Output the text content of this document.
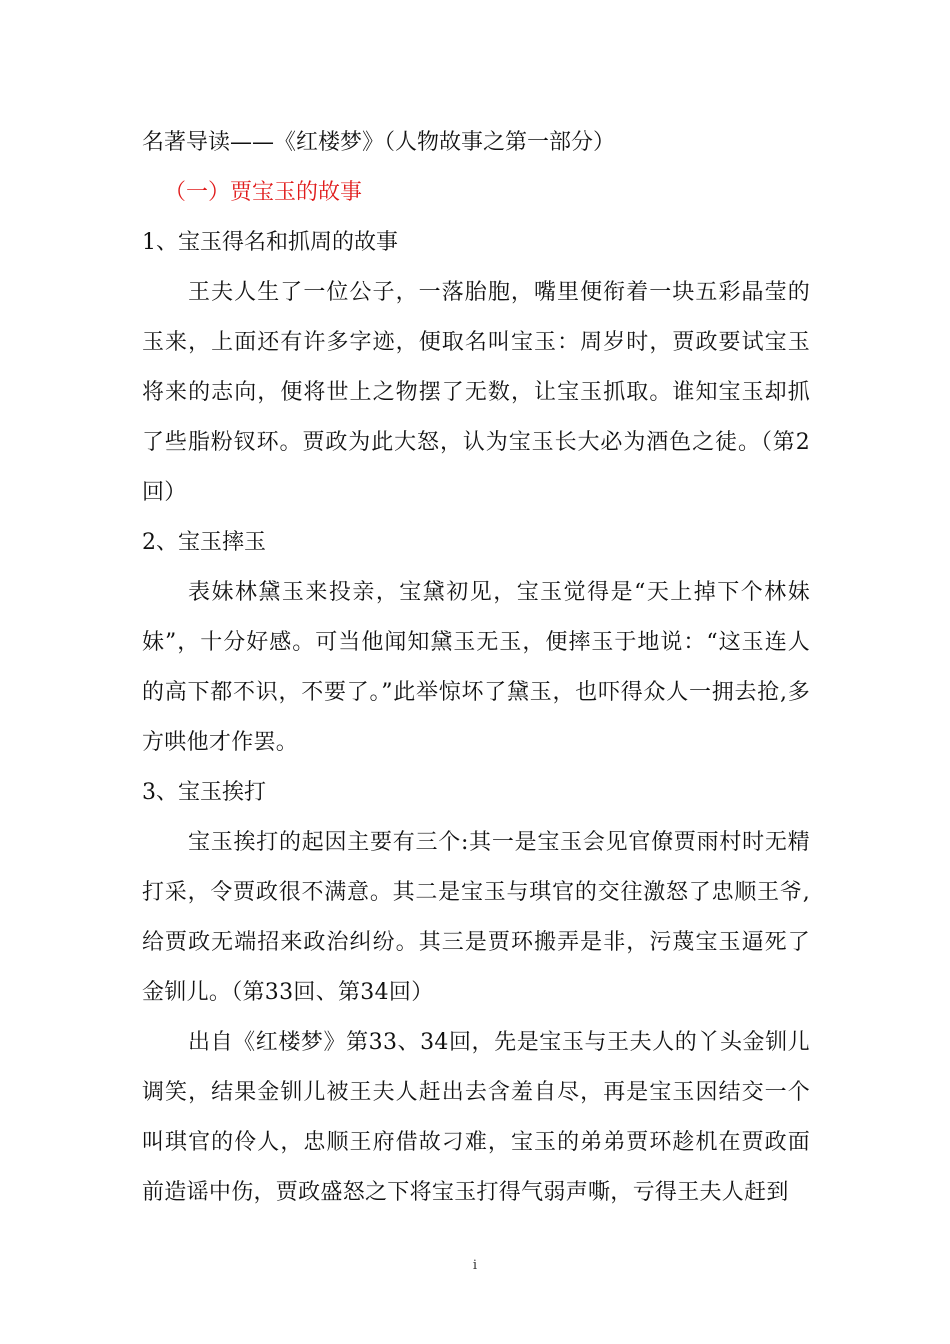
名著导读——《红楼梦》（人物故事之第一部分）
（一）贾宝玉的故事
1、宝玉得名和抓周的故事
王夫人生了一位公子，一落胎胞，嘴里便衔着一块五彩晶莹的玉来，上面还有许多字迹，便取名叫宝玉：周岁时，贾政要试宝玉将来的志向，便将世上之物摆了无数，让宝玉抓取。谁知宝玉却抓了些脂粉钗环。贾政为此大怒，认为宝玉长大必为酒色之徒。（第2回）
2、宝玉摔玉
表妹林黛玉来投亲，宝黛初见，宝玉觉得是“天上掉下个林妹妹”，十分好感。可当他闻知黛玉无玉，便摔玉于地说：“这玉连人的高下都不识，不要了。”此举惊坏了黛玉，也吓得众人一拥去抢,多方哄他才作罢。
3、宝玉挨打
宝玉挨打的起因主要有三个:其一是宝玉会见官僚贾雨村时无精打采，令贾政很不满意。其二是宝玉与琪官的交往激怒了忠顺王爷,给贾政无端招来政治纠纷。其三是贾环搬弄是非，污蔑宝玉逼死了金钏儿。（第33回、第34回）
出自《红楼梦》第33、34回，先是宝玉与王夫人的丫头金钏儿调笑，结果金钏儿被王夫人赶出去含羞自尽，再是宝玉因结交一个叫琪官的伶人，忠顺王府借故刁难，宝玉的弟弟贾环趁机在贾政面前造谣中伤，贾政盛怒之下将宝玉打得气弱声嘶，亏得王夫人赶到
i
